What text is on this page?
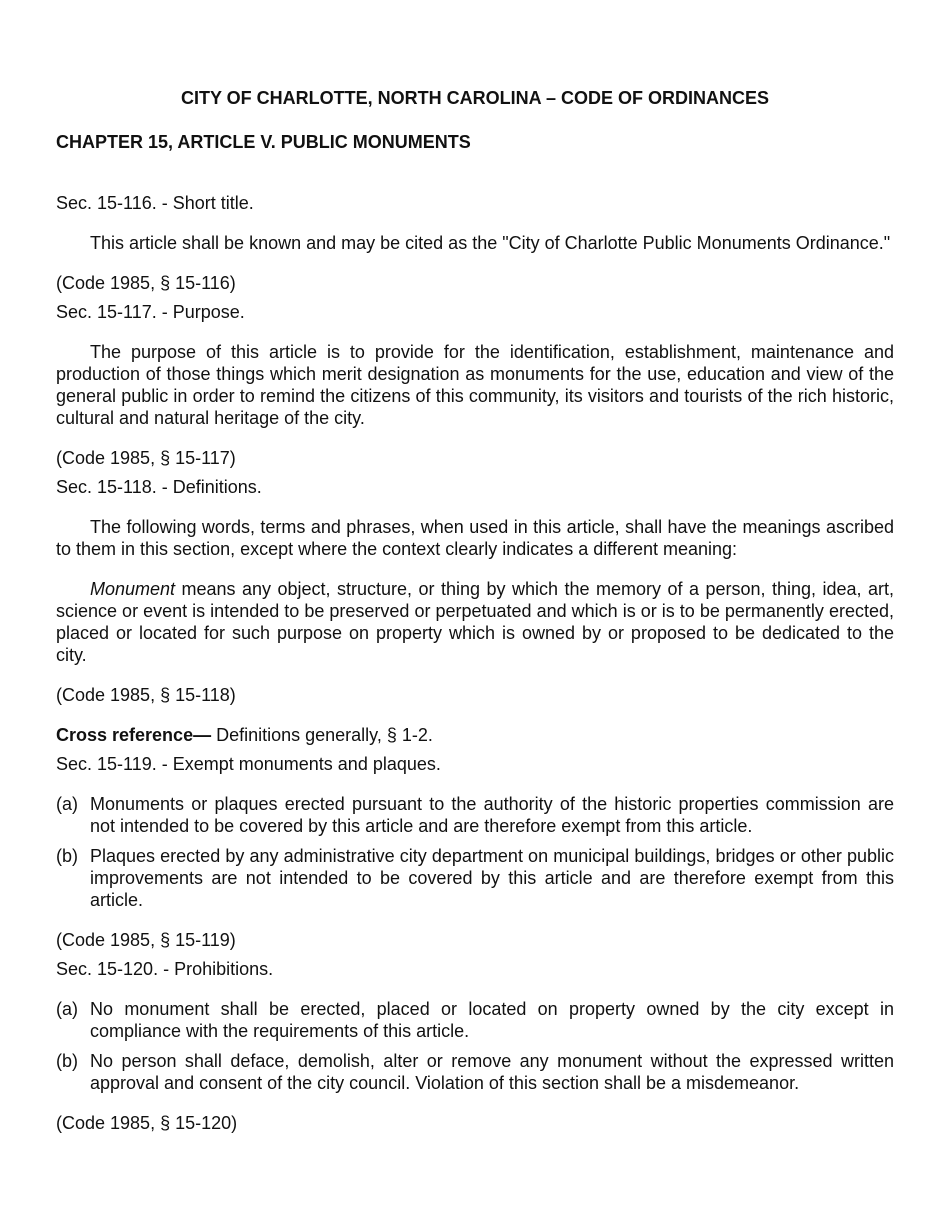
CITY OF CHARLOTTE, NORTH CAROLINA – CODE OF ORDINANCES
CHAPTER 15, ARTICLE V. PUBLIC MONUMENTS

Sec. 15-116. - Short title.

This article shall be known and may be cited as the "City of Charlotte Public Monuments Ordinance."

(Code 1985, § 15-116)

Sec. 15-117. - Purpose.

The purpose of this article is to provide for the identification, establishment, maintenance and production of those things which merit designation as monuments for the use, education and view of the general public in order to remind the citizens of this community, its visitors and tourists of the rich historic, cultural and natural heritage of the city.

(Code 1985, § 15-117)

Sec. 15-118. - Definitions.

The following words, terms and phrases, when used in this article, shall have the meanings ascribed to them in this section, except where the context clearly indicates a different meaning:

Monument means any object, structure, or thing by which the memory of a person, thing, idea, art, science or event is intended to be preserved or perpetuated and which is or is to be permanently erected, placed or located for such purpose on property which is owned by or proposed to be dedicated to the city.

(Code 1985, § 15-118)

Cross reference— Definitions generally, § 1-2.

Sec. 15-119. - Exempt monuments and plaques.

(a) Monuments or plaques erected pursuant to the authority of the historic properties commission are not intended to be covered by this article and are therefore exempt from this article.
(b) Plaques erected by any administrative city department on municipal buildings, bridges or other public improvements are not intended to be covered by this article and are therefore exempt from this article.

(Code 1985, § 15-119)

Sec. 15-120. - Prohibitions.

(a) No monument shall be erected, placed or located on property owned by the city except in compliance with the requirements of this article.
(b) No person shall deface, demolish, alter or remove any monument without the expressed written approval and consent of the city council. Violation of this section shall be a misdemeanor.

(Code 1985, § 15-120)
